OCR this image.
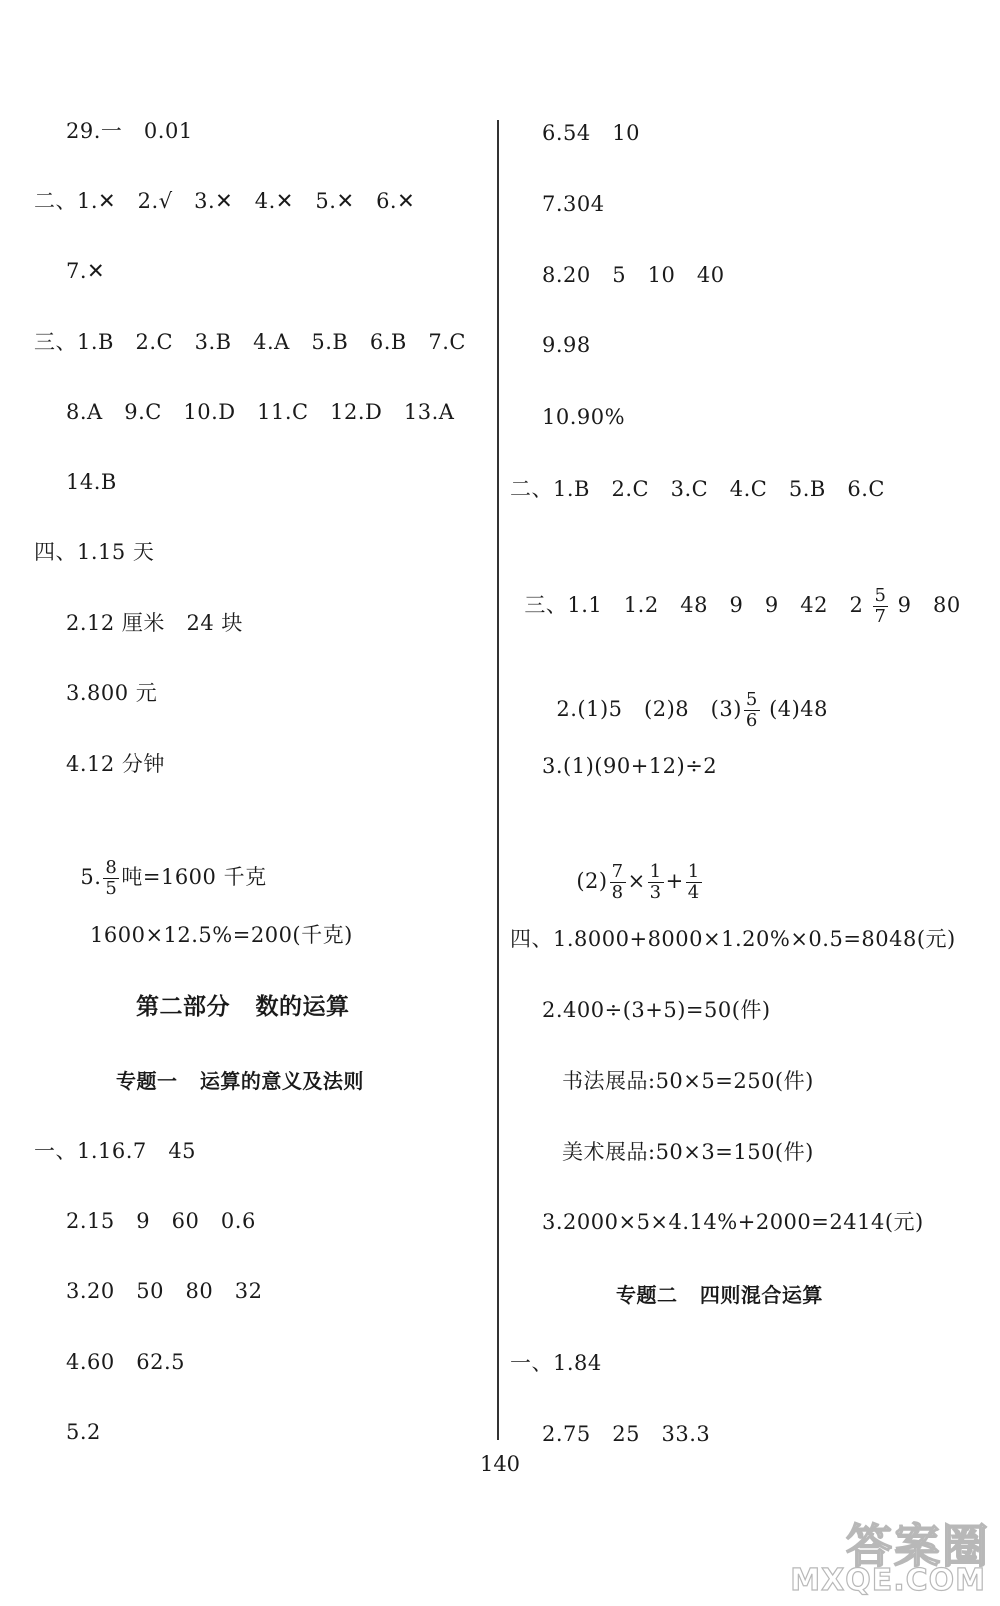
29.一   0.01
二、1.✕   2.√   3.✕   4.✕   5.✕   6.✕
7.✕
三、1.B   2.C   3.B   4.A   5.B   6.B   7.C
8.A   9.C   10.D   11.C   12.D   13.A
14.B
四、1.15 天
2.12 厘米   24 块
3.800 元
4.12 分钟

5. $\frac{8}{5}$ 吨=1600 千克

1600×12.5%=200(千克)
第二部分   数的运算
专题一   运算的意义及法则
一、1.16.7   45
2.15   9   60   0.6
3.20   50   80   32
4.60   62.5
5.2
6.54   10
7.304
8.20   5   10   40
9.98
10.90%
二、1.B   2.C   3.C   4.C   5.B   6.C

三、1.1   1.2   48   9   9   42   $2 \frac{5}{7} 9$   80

2.(1)5   (2)8   $(3) \frac{5}{6} (4)48$

3.(1)(90+12)÷2

$(2) \frac{7}{8} \times \frac{1}{3} + \frac{1}{4}$

四、1.8000+8000×1.20%×0.5=8048(元)
2.400÷(3+5)=50(件)
书法展品:50×5=250(件)
美术展品:50×3=150(件)
3.2000×5×4.14%+2000=2414(元)
专题二   四则混合运算
一、1.84
2.75   25   33.3
140
答案圈
MXQE.COM
